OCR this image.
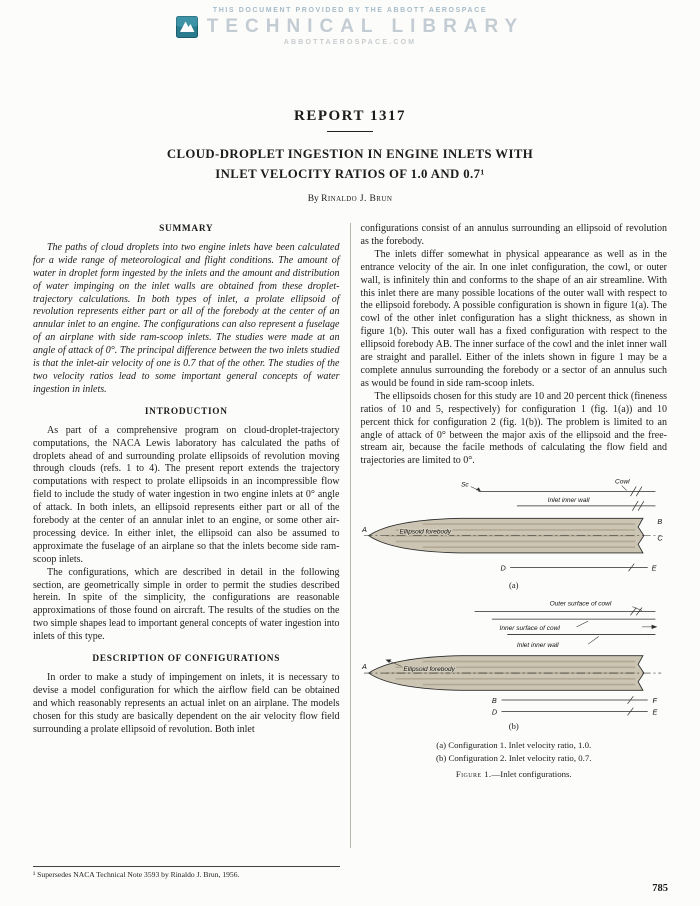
THIS DOCUMENT PROVIDED BY THE ABBOTT AEROSPACE
TECHNICAL LIBRARY
ABBOTTAEROSPACE.COM
REPORT 1317
CLOUD-DROPLET INGESTION IN ENGINE INLETS WITH
INLET VELOCITY RATIOS OF 1.0 AND 0.7¹
By Rinaldo J. Brun
SUMMARY

The paths of cloud droplets into two engine inlets have been calculated for a wide range of meteorological and flight conditions. The amount of water in droplet form ingested by the inlets and the amount and distribution of water impinging on the inlet walls are obtained from these droplet-trajectory calculations. In both types of inlet, a prolate ellipsoid of revolution represents either part or all of the forebody at the center of an annular inlet to an engine. The configurations can also represent a fuselage of an airplane with side ram-scoop inlets. The studies were made at an angle of attack of 0°. The principal difference between the two inlets studied is that the inlet-air velocity of one is 0.7 that of the other. The studies of the two velocity ratios lead to some important general concepts of water ingestion in inlets.

INTRODUCTION

As part of a comprehensive program on cloud-droplet-trajectory computations, the NACA Lewis laboratory has calculated the paths of droplets ahead of and surrounding prolate ellipsoids of revolution moving through clouds (refs. 1 to 4). The present report extends the trajectory computations with respect to prolate ellipsoids in an incompressible flow field to include the study of water ingestion in two engine inlets at 0° angle of attack. In both inlets, an ellipsoid represents either part or all of the forebody at the center of an annular inlet to an engine, or some other air-processing device. In either inlet, the ellipsoid can also be assumed to approximate the fuselage of an airplane so that the inlets become side ram-scoop inlets.

The configurations, which are described in detail in the following section, are geometrically simple in order to permit the studies described herein. In spite of the simplicity, the configurations are reasonable approximations of those found on aircraft. The results of the studies on the two simple shapes lead to important general concepts of water ingestion into inlets of this type.

DESCRIPTION OF CONFIGURATIONS

In order to make a study of impingement on inlets, it is necessary to devise a model configuration for which the airflow field can be obtained and which reasonably represents an actual inlet on an airplane. The models chosen for this study are basically dependent on the air velocity flow field surrounding a prolate ellipsoid of revolution. Both inlet

configurations consist of an annulus surrounding an ellipsoid of revolution as the forebody.

The inlets differ somewhat in physical appearance as well as in the entrance velocity of the air. In one inlet configuration, the cowl, or outer wall, is infinitely thin and conforms to the shape of an air streamline. With this inlet there are many possible locations of the outer wall with respect to the ellipsoid forebody. A possible configuration is shown in figure 1(a). The cowl of the other inlet configuration has a slight thickness, as shown in figure 1(b). This outer wall has a fixed configuration with respect to the ellipsoid forebody AB. The inner surface of the cowl and the inlet inner wall are straight and parallel. Either of the inlets shown in figure 1 may be a complete annulus surrounding the forebody or a sector of an annulus such as would be found in side ram-scoop inlets.

The ellipsoids chosen for this study are 10 and 20 percent thick (fineness ratios of 10 and 5, respectively) for configuration 1 (fig. 1(a)) and 10 percent thick for configuration 2 (fig. 1(b)). The problem is limited to an angle of attack of 0° between the major axis of the ellipsoid and the free-stream air, because the facile methods of calculating the flow field and trajectories are limited to 0°.

Cowl
Sc
Inlet inner wall
Ellipsoid forebody
A
B
C
D	E
(a)
Outer surface of cowl
Inner surface of cowl
Inlet inner wall
Ellipsoid forebody
A
B
D
F
E
(b)
(a) Configuration 1. Inlet velocity ratio, 1.0.
(b) Configuration 2. Inlet velocity ratio, 0.7.
Figure 1.—Inlet configurations.
¹ Supersedes NACA Technical Note 3593 by Rinaldo J. Brun, 1956.
785
